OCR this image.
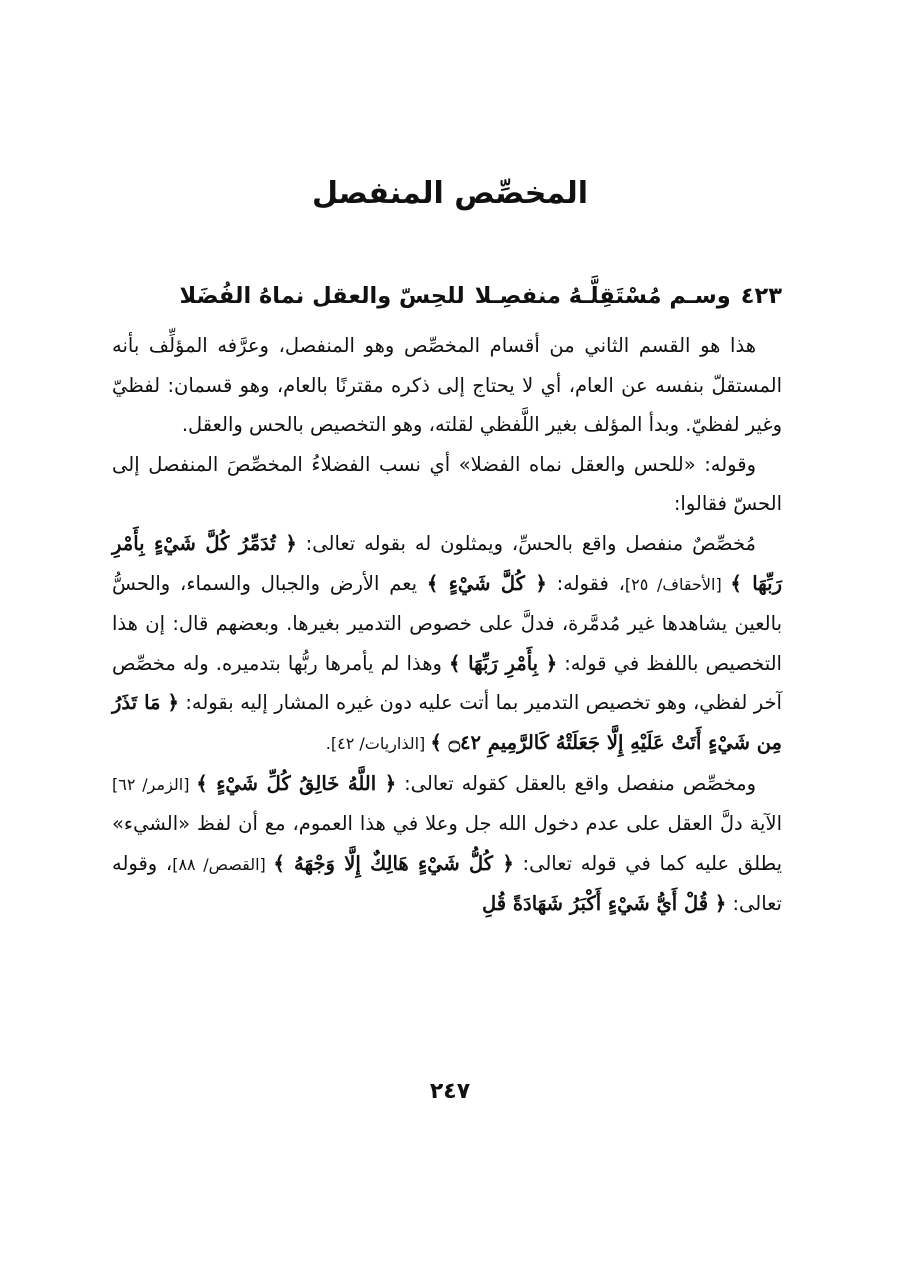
المخصِّص المنفصل
٤٢٣وسـم مُسْتَقِلَّـهُ منفصِـلاللحِسّ والعقل نماهُ الفُضَلا

هذا هو القسم الثاني من أقسام المخصِّص وهو المنفصل، وعرَّفه المؤلِّف بأنه المستقلّ بنفسه عن العام، أي لا يحتاج إلى ذكره مقترنًا بالعام، وهو قسمان: لفظيّ وغير لفظيّ. وبدأ المؤلف بغير اللَّفظي لقلته، وهو التخصيص بالحس والعقل.

وقوله: «للحس والعقل نماه الفضلا» أي نسب الفضلاءُ المخصِّصَ المنفصل إلى الحسّ فقالوا:

مُخصِّصٌ منفصل واقع بالحسِّ، ويمثلون له بقوله تعالى: ﴿ تُدَمِّرُ كُلَّ شَيْءٍ بِأَمْرِ رَبِّهَا ﴾ [الأحقاف/ ٢٥]، فقوله: ﴿ كُلَّ شَيْءٍ ﴾ يعم الأرض والجبال والسماء، والحسُّ بالعين يشاهدها غير مُدمَّرة، فدلَّ على خصوص التدمير بغيرها. وبعضهم قال: إن هذا التخصيص باللفظ في قوله: ﴿ بِأَمْرِ رَبِّهَا ﴾ وهذا لم يأمرها ربُّها بتدميره. وله مخصِّص آخر لفظي، وهو تخصيص التدمير بما أتت عليه دون غيره المشار إليه بقوله: ﴿ مَا تَذَرُ مِن شَيْءٍ أَتَتْ عَلَيْهِ إِلَّا جَعَلَتْهُ كَالرَّمِيمِ ۝٤٢ ﴾ [الذاريات/ ٤٢].

ومخصِّص منفصل واقع بالعقل كقوله تعالى: ﴿ اللَّهُ خَالِقُ كُلِّ شَيْءٍ ﴾ [الزمر/ ٦٢] الآية دلَّ العقل على عدم دخول الله جل وعلا في هذا العموم، مع أن لفظ «الشيء» يطلق عليه كما في قوله تعالى: ﴿ كُلُّ شَيْءٍ هَالِكٌ إِلَّا وَجْهَهُ ﴾ [القصص/ ٨٨]، وقوله تعالى: ﴿ قُلْ أَيُّ شَيْءٍ أَكْبَرُ شَهَادَةً قُلِ

٢٤٧
